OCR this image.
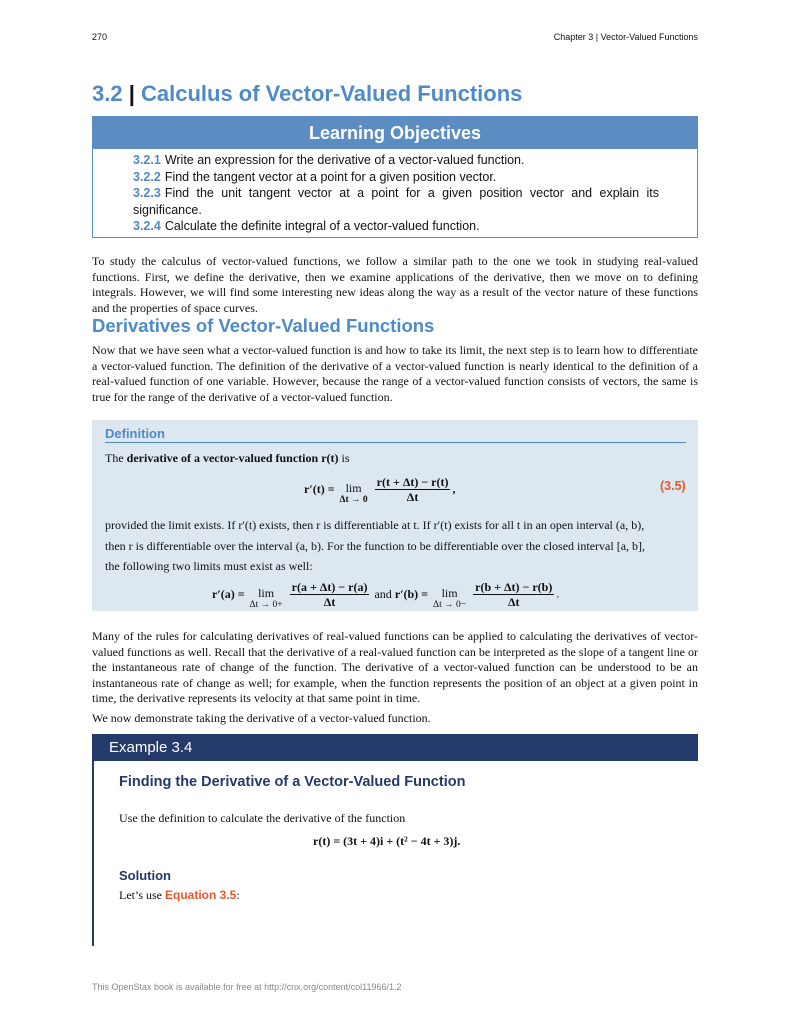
270	Chapter 3 | Vector-Valued Functions
3.2 | Calculus of Vector-Valued Functions
Learning Objectives
3.2.1 Write an expression for the derivative of a vector-valued function.
3.2.2 Find the tangent vector at a point for a given position vector.
3.2.3 Find the unit tangent vector at a point for a given position vector and explain its significance.
3.2.4 Calculate the definite integral of a vector-valued function.

To study the calculus of vector-valued functions, we follow a similar path to the one we took in studying real-valued functions. First, we define the derivative, then we examine applications of the derivative, then we move on to defining integrals. However, we will find some interesting new ideas along the way as a result of the vector nature of these functions and the properties of space curves.

Derivatives of Vector-Valued Functions

Now that we have seen what a vector-valued function is and how to take its limit, the next step is to learn how to differentiate a vector-valued function. The definition of the derivative of a vector-valued function is nearly identical to the definition of a real-valued function of one variable. However, because the range of a vector-valued function consists of vectors, the same is true for the range of the derivative of a vector-valued function.

Definition
The derivative of a vector-valued function r(t) is
r′(t) = lim
Δt → 0
$\frac{r(t + \Delta t) - r(t)}{\Delta t}$ ,	(3.5)
provided the limit exists. If r′(t) exists, then r is differentiable at t. If r′(t) exists for all t in an open interval (a, b),
then r is differentiable over the interval (a, b). For the function to be differentiable over the closed interval [a, b],
the following two limits must exist as well:
r′(a) = lim
Δt → 0+
$\frac{r(a + \Delta t) - r(a)}{\Delta t}$ and r′(b) = lim
Δt → 0−
$\frac{r(b + \Delta t) - r(b)}{\Delta t}$ .

Many of the rules for calculating derivatives of real-valued functions can be applied to calculating the derivatives of vector-valued functions as well. Recall that the derivative of a real-valued function can be interpreted as the slope of a tangent line or the instantaneous rate of change of the function. The derivative of a vector-valued function can be understood to be an instantaneous rate of change as well; for example, when the function represents the position of an object at a given point in time, the derivative represents its velocity at that same point in time.

We now demonstrate taking the derivative of a vector-valued function.

Example 3.4
Finding the Derivative of a Vector-Valued Function
Use the definition to calculate the derivative of the function
r(t) = (3t + 4)i + (t² − 4t + 3)j.
Solution
Let’s use Equation 3.5:
This OpenStax book is available for free at http://cnx.org/content/col11966/1.2
